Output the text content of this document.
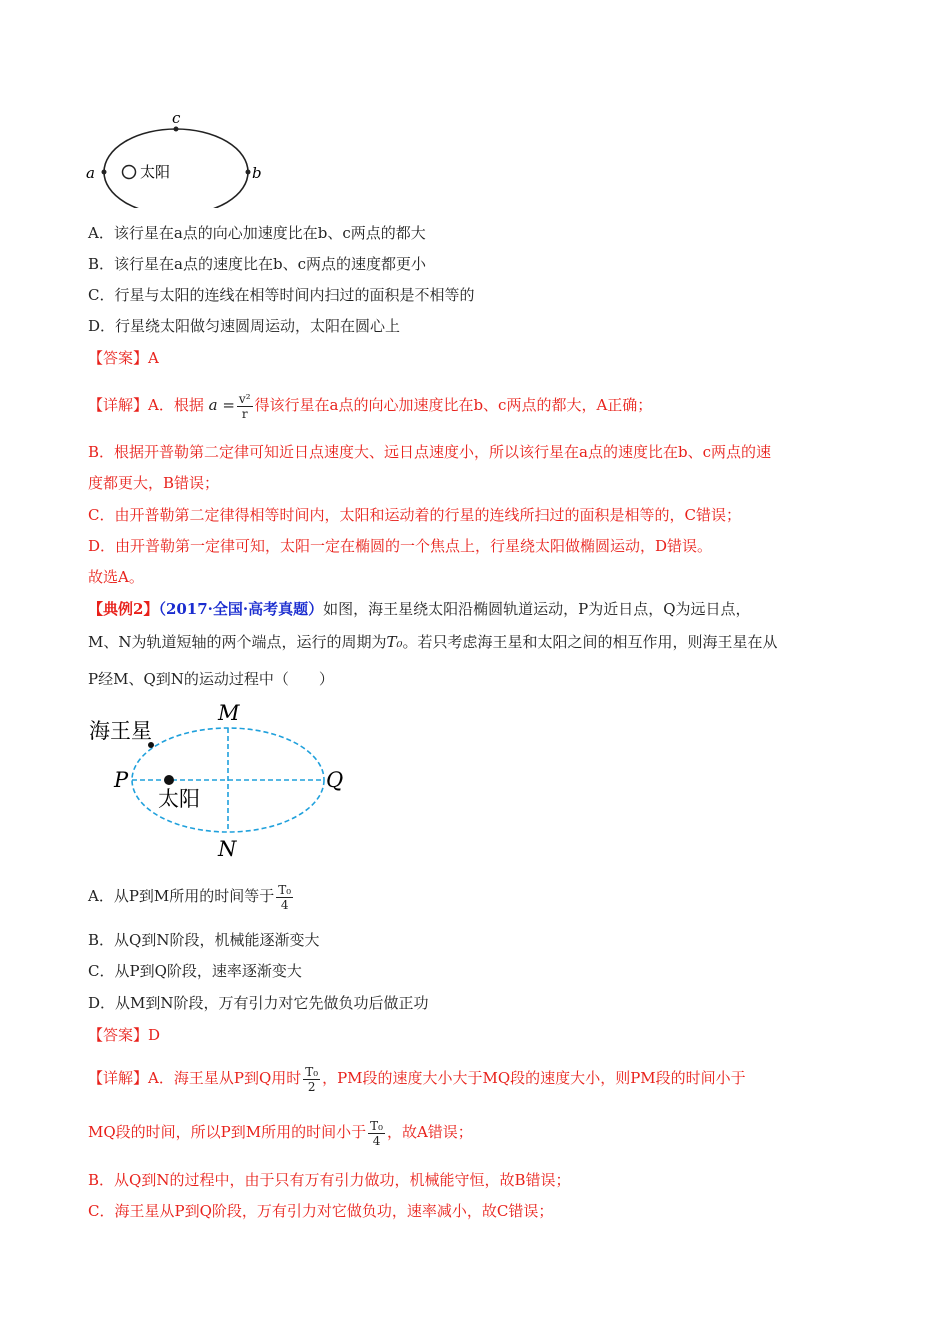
a	b
c
太阳
A．该行星在a点的向心加速度比在b、c两点的都大
B．该行星在a点的速度比在b、c两点的速度都更小
C．行星与太阳的连线在相等时间内扫过的面积是不相等的
D．行星绕太阳做匀速圆周运动，太阳在圆心上
【答案】A
【详解】A．根据 $a = \frac{\text{v²}}{r}$ 得该行星在a点的向心加速度比在b、c两点的都大，A正确；
B．根据开普勒第二定律可知近日点速度大、远日点速度小，所以该行星在a点的速度比在b、c两点的速
度都更大，B错误；
C．由开普勒第二定律得相等时间内，太阳和运动着的行星的连线所扫过的面积是相等的，C错误；
D．由开普勒第一定律可知，太阳一定在椭圆的一个焦点上，行星绕太阳做椭圆运动，D错误。
故选A。
【典例2】（2017·全国·高考真题）如图，海王星绕太阳沿椭圆轨道运动，P为近日点，Q为远日点，
M、N为轨道短轴的两个端点，运行的周期为T₀。若只考虑海王星和太阳之间的相互作用，则海王星在从
P经M、Q到N的运动过程中（　　）
海王星
太阳
M
N
P	Q
A．从P到M所用的时间等于 $\frac{\text{T₀}}{4}$
B．从Q到N阶段，机械能逐渐变大
C．从P到Q阶段，速率逐渐变大
D．从M到N阶段，万有引力对它先做负功后做正功
【答案】D
【详解】A．海王星从P到Q用时 $\frac{\text{T₀}}{2}$ ，PM段的速度大小大于MQ段的速度大小，则PM段的时间小于
MQ段的时间，所以P到M所用的时间小于 $\frac{\text{T₀}}{4}$ ，故A错误；
B．从Q到N的过程中，由于只有万有引力做功，机械能守恒，故B错误；
C．海王星从P到Q阶段，万有引力对它做负功，速率减小，故C错误；
